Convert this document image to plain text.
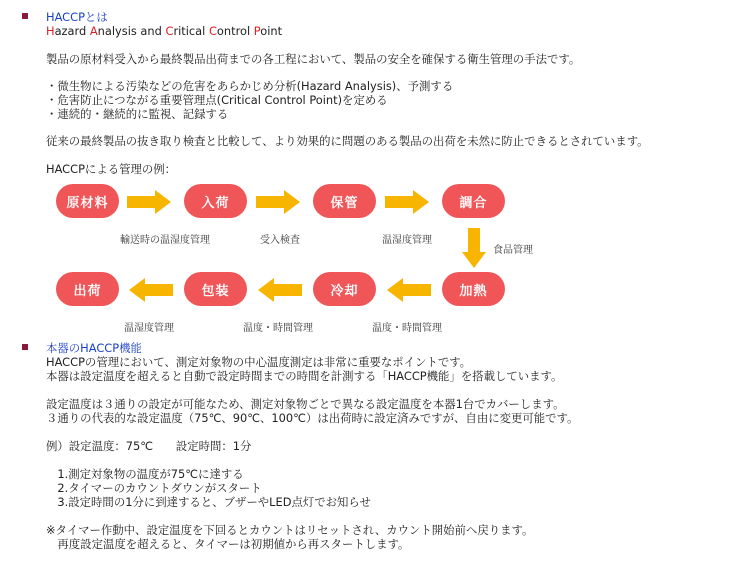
HACCPとは
Hazard Analysis and Critical Control Point
製品の原材料受入から最終製品出荷までの各工程において、製品の安全を確保する衛生管理の手法です。
・微生物による汚染などの危害をあらかじめ分析(Hazard Analysis)、予測する
・危害防止につながる重要管理点(Critical Control Point)を定める
・連続的・継続的に監視、記録する
従来の最終製品の抜き取り検査と比較して、より効果的に問題のある製品の出荷を未然に防止できるとされています。
HACCPによる管理の例：
原材料	入荷	保管	調合
輸送時の温湿度管理	受入検査	温湿度管理
食品管理
出荷	包装	冷却	加熱
温湿度管理	温度・時間管理	温度・時間管理
本器のHACCP機能
HACCPの管理において、測定対象物の中心温度測定は非常に重要なポイントです。
本器は設定温度を超えると自動で設定時間までの時間を計測する「HACCP機能」を搭載しています。
設定温度は３通りの設定が可能なため、測定対象物ごとで異なる設定温度を本器1台でカバーします。
３通りの代表的な設定温度（75℃、90℃、100℃）は出荷時に設定済みですが、自由に変更可能です。
例）設定温度：75℃　　設定時間：1分
　1.測定対象物の温度が75℃に達する
　2.タイマーのカウントダウンがスタート
　3.設定時間の1分に到達すると、ブザーやLED点灯でお知らせ
※タイマー作動中、設定温度を下回るとカウントはリセットされ、カウント開始前へ戻ります。
　再度設定温度を超えると、タイマーは初期値から再スタートします。
